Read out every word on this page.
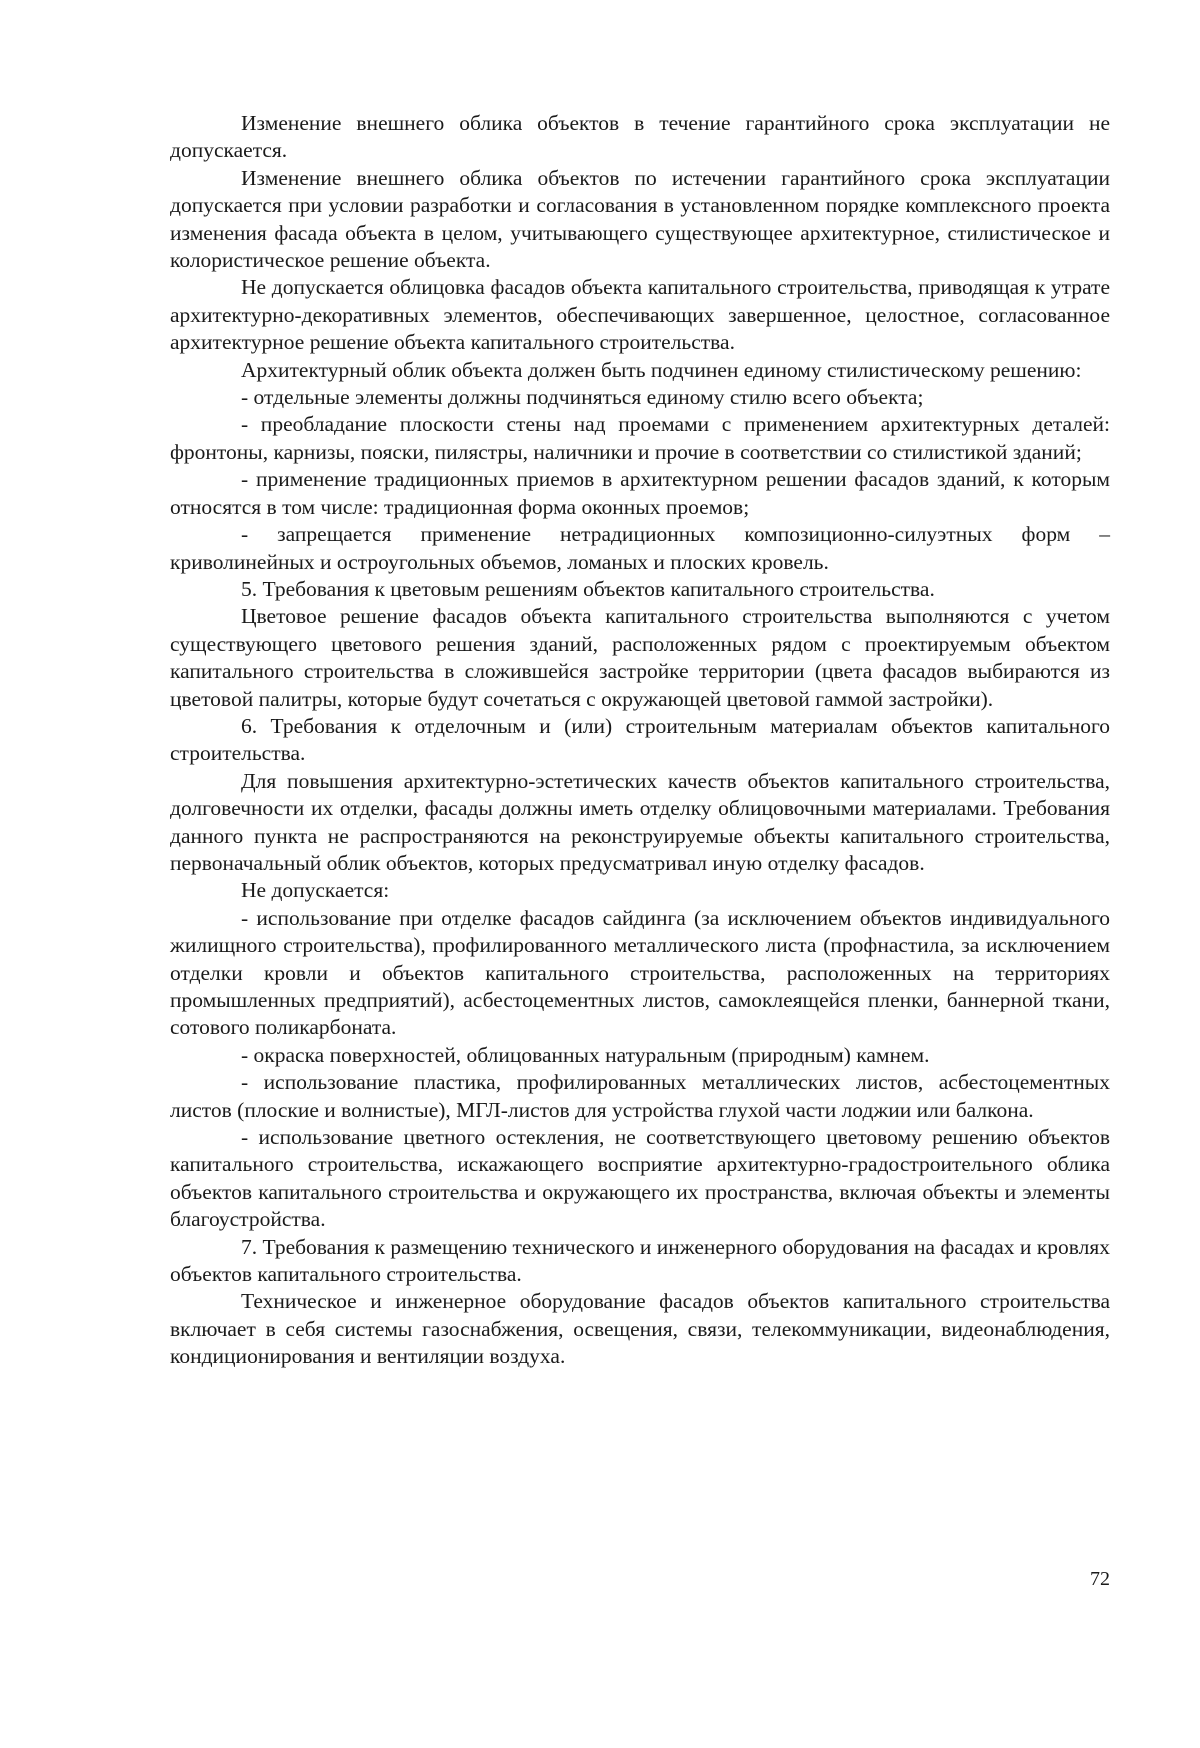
Изменение внешнего облика объектов в течение гарантийного срока эксплуатации не допускается.

Изменение внешнего облика объектов по истечении гарантийного срока эксплуатации допускается при условии разработки и согласования в установленном порядке комплексного проекта изменения фасада объекта в целом, учитывающего существующее архитектурное, стилистическое и колористическое решение объекта.

Не допускается облицовка фасадов объекта капитального строительства, приводящая к утрате архитектурно-декоративных элементов, обеспечивающих завершенное, целостное, согласованное архитектурное решение объекта капитального строительства.

Архитектурный облик объекта должен быть подчинен единому стилистическому решению:

- отдельные элементы должны подчиняться единому стилю всего объекта;

- преобладание плоскости стены над проемами с применением архитектурных деталей: фронтоны, карнизы, пояски, пилястры, наличники и прочие в соответствии со стилистикой зданий;

- применение традиционных приемов в архитектурном решении фасадов зданий, к которым относятся в том числе: традиционная форма оконных проемов;

- запрещается применение нетрадиционных композиционно-силуэтных форм – криволинейных и остроугольных объемов, ломаных и плоских кровель.

5. Требования к цветовым решениям объектов капитального строительства.

Цветовое решение фасадов объекта капитального строительства выполняются с учетом существующего цветового решения зданий, расположенных рядом с проектируемым объектом капитального строительства в сложившейся застройке территории (цвета фасадов выбираются из цветовой палитры, которые будут сочетаться с окружающей цветовой гаммой застройки).

6. Требования к отделочным и (или) строительным материалам объектов капитального строительства.

Для повышения архитектурно-эстетических качеств объектов капитального строительства, долговечности их отделки, фасады должны иметь отделку облицовочными материалами. Требования данного пункта не распространяются на реконструируемые объекты капитального строительства, первоначальный облик объектов, которых предусматривал иную отделку фасадов.

Не допускается:

- использование при отделке фасадов сайдинга (за исключением объектов индивидуального жилищного строительства), профилированного металлического листа (профнастила, за исключением отделки кровли и объектов капитального строительства, расположенных на территориях промышленных предприятий), асбестоцементных листов, самоклеящейся пленки, баннерной ткани, сотового поликарбоната.

- окраска поверхностей, облицованных натуральным (природным) камнем.

- использование пластика, профилированных металлических листов, асбестоцементных листов (плоские и волнистые), МГЛ-листов для устройства глухой части лоджии или балкона.

- использование цветного остекления, не соответствующего цветовому решению объектов капитального строительства, искажающего восприятие архитектурно-градостроительного облика объектов капитального строительства и окружающего их пространства, включая объекты и элементы благоустройства.

7. Требования к размещению технического и инженерного оборудования на фасадах и кровлях объектов капитального строительства.

Техническое и инженерное оборудование фасадов объектов капитального строительства включает в себя системы газоснабжения, освещения, связи, телекоммуникации, видеонаблюдения, кондиционирования и вентиляции воздуха.

72
